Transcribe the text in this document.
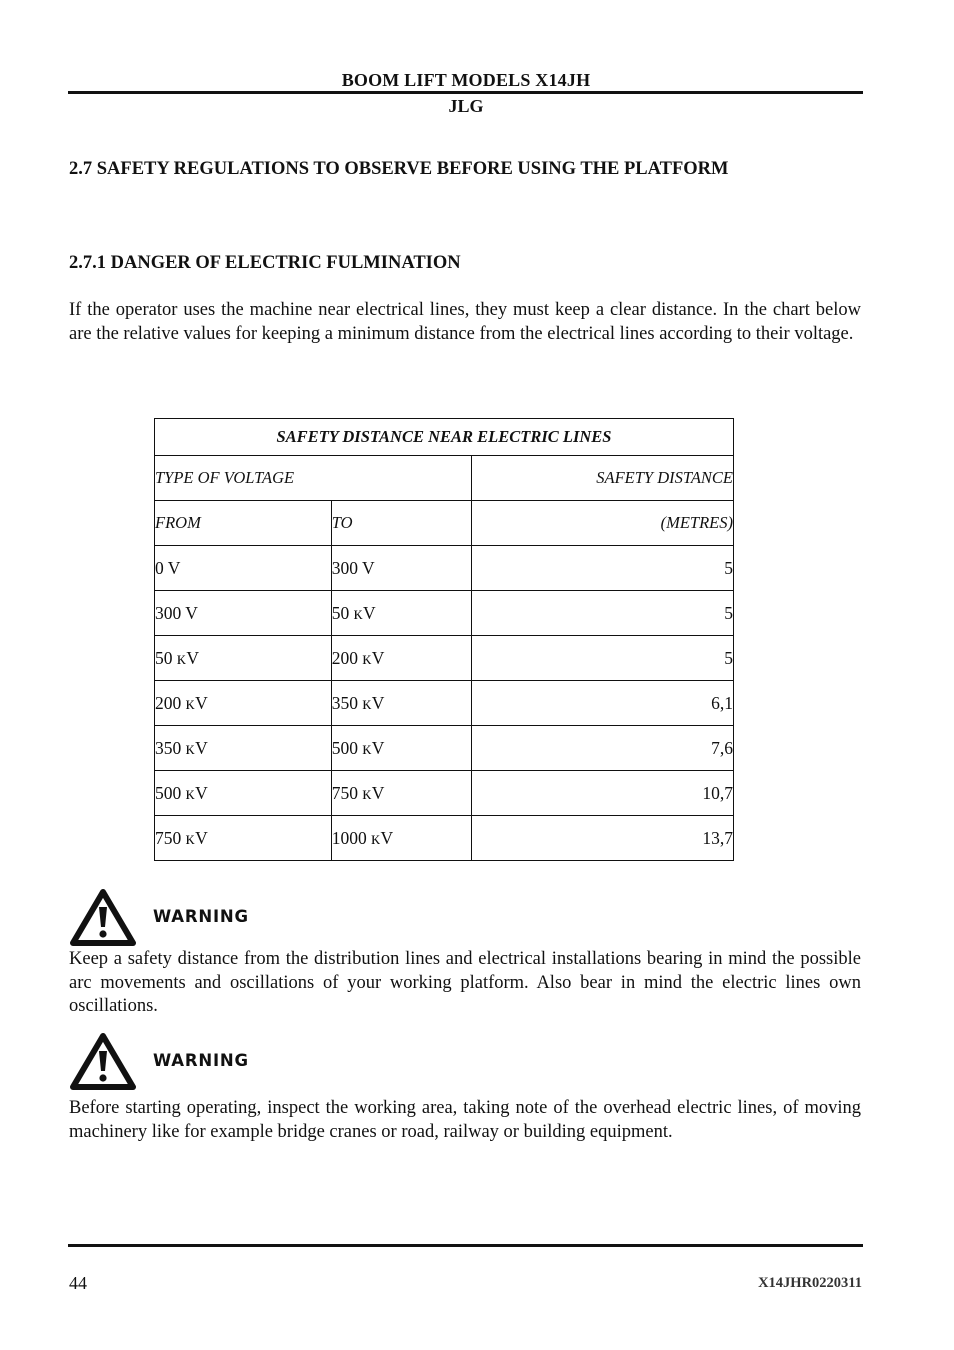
BOOM LIFT MODELS X14JH
JLG
2.7 SAFETY REGULATIONS TO OBSERVE BEFORE USING THE PLATFORM
2.7.1 DANGER OF ELECTRIC FULMINATION

If the operator uses the machine near electrical lines, they must keep a clear distance. In the chart below are the relative values for keeping a minimum distance from the electrical lines according to their voltage.

SAFETY DISTANCE NEAR ELECTRIC LINES		
TYPE OF VOLTAGE		SAFETY DISTANCE
FROM	TO	(METRES)
0 V	300 V	5
300 V	50 ᴋV	5
50 ᴋV	200 ᴋV	5
200 ᴋV	350 ᴋV	6,1
350 ᴋV	500 ᴋV	7,6
500 ᴋV	750 ᴋV	10,7
750 ᴋV	1000 ᴋV	13,7
WARNING

Keep a safety distance from the distribution lines and electrical installations bearing in mind the possible arc movements and oscillations of your working platform. Also bear in mind the electric lines own oscillations.

WARNING

Before starting operating, inspect the working area, taking note of the overhead electric lines, of moving machinery like for example bridge cranes or road, railway or building equipment.

44	X14JHR0220311
